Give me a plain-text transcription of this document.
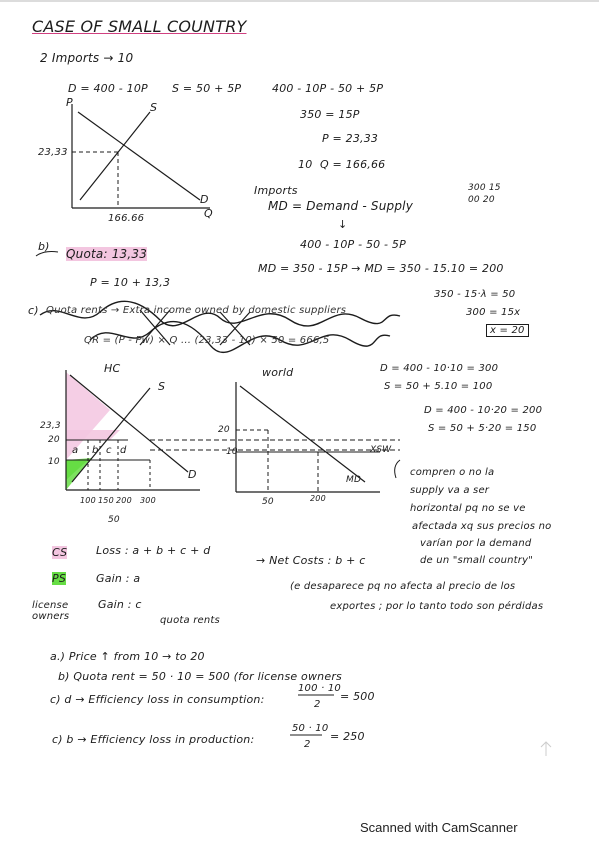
CASE OF SMALL COUNTRY
2 Imports → 10
D = 400 - 10P S = 50 + 5P
P	S
23,33
D
Q
166.66
400 - 10P - 50 + 5P
350 = 15P
P = 23,33
10 Q = 166,66
Imports
MD = Demand - Supply
↓
400 - 10P - 50 - 5P
MD = 350 - 15P → MD = 350 - 15.10 = 200
300 15
00 20
b)
Quota: 13,33
P = 10 + 13,3
350 - 15·λ = 50
300 = 15x
x = 20
c) Quota rents → Extra income owned by domestic suppliers
QR = (P - Pw) × Q ... (23,33 - 10) × 50 = 666,5
HC
S
D
23,3
20
10
a b c d
100 150 200 300
50
world
20
10	XSW
MD
50	200
D = 400 - 10·10 = 300
S = 50 + 5.10 = 100
D = 400 - 10·20 = 200
S = 50 + 5·20 = 150
compren o no la
supply va a ser
horizontal pq no se ve
afectada xq sus precios no
varían por la demand
de un "small country"
CS	Loss : a + b + c + d
PS	Gain : a
license owners
Gain : c
quota rents
→ Net Costs : b + c
(e desaparece pq no afecta al precio de los
exportes ; por lo tanto todo son pérdidas
a.) Price ↑ from 10 → to 20
b) Quota rent = 50 · 10 = 500 (for license owners
c) d → Efficiency loss in consumption:
100 · 10
2
= 500
c) b → Efficiency loss in production:
50 · 10
2
= 250
Scanned with CamScanner
